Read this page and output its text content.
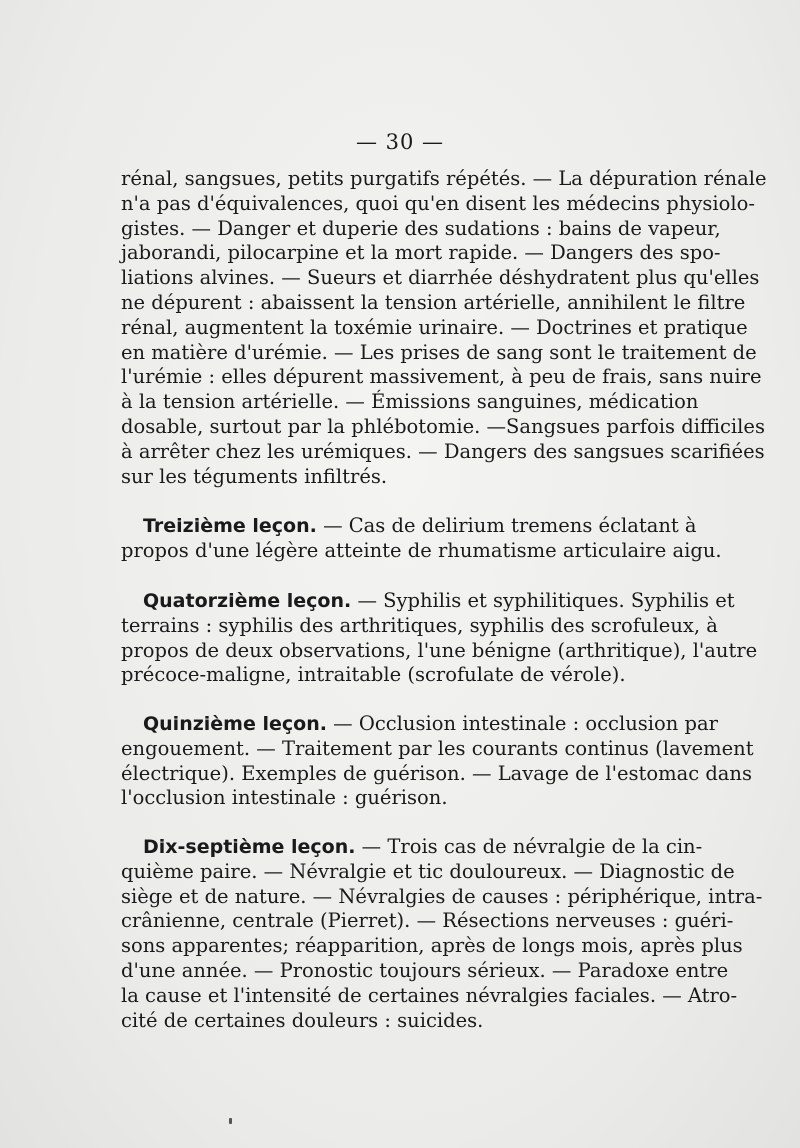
— 30 —
rénal, sangsues, petits purgatifs répétés. — La dépuration rénale
n'a pas d'équivalences, quoi qu'en disent les médecins physiolo-
gistes. — Danger et duperie des sudations : bains de vapeur,
jaborandi, pilocarpine et la mort rapide. — Dangers des spo-
liations alvines. — Sueurs et diarrhée déshydratent plus qu'elles
ne dépurent : abaissent la tension artérielle, annihilent le filtre
rénal, augmentent la toxémie urinaire. — Doctrines et pratique
en matière d'urémie. — Les prises de sang sont le traitement de
l'urémie : elles dépurent massivement, à peu de frais, sans nuire
à la tension artérielle. — Émissions sanguines, médication
dosable, surtout par la phlébotomie. —Sangsues parfois difficiles
à arrêter chez les urémiques. — Dangers des sangsues scarifiées
sur les téguments infiltrés.
Treizième leçon. — Cas de delirium tremens éclatant à
propos d'une légère atteinte de rhumatisme articulaire aigu.
Quatorzième leçon. — Syphilis et syphilitiques. Syphilis et
terrains : syphilis des arthritiques, syphilis des scrofuleux, à
propos de deux observations, l'une bénigne (arthritique), l'autre
précoce-maligne, intraitable (scrofulate de vérole).
Quinzième leçon. — Occlusion intestinale : occlusion par
engouement. — Traitement par les courants continus (lavement
électrique). Exemples de guérison. — Lavage de l'estomac dans
l'occlusion intestinale : guérison.
Dix-septième leçon. — Trois cas de névralgie de la cin-
quième paire. — Névralgie et tic douloureux. — Diagnostic de
siège et de nature. — Névralgies de causes : périphérique, intra-
crânienne, centrale (Pierret). — Résections nerveuses : guéri-
sons apparentes; réapparition, après de longs mois, après plus
d'une année. — Pronostic toujours sérieux. — Paradoxe entre
la cause et l'intensité de certaines névralgies faciales. — Atro-
cité de certaines douleurs : suicides.
